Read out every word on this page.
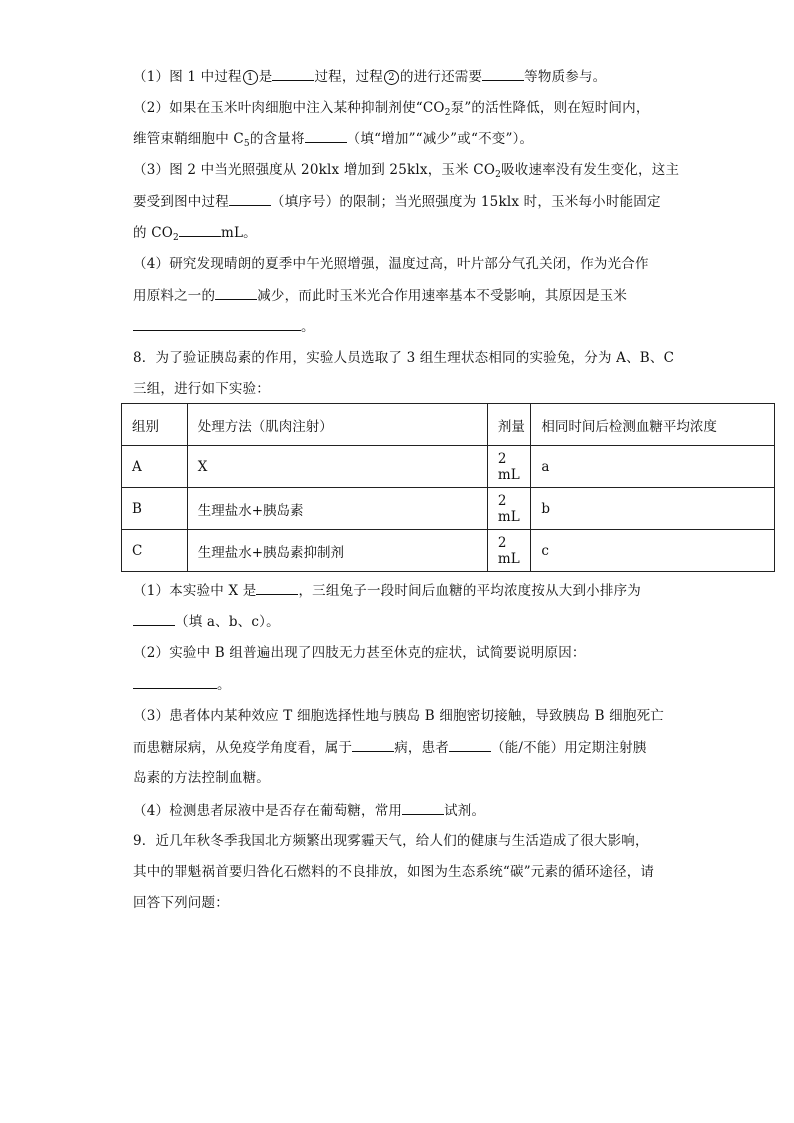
（1）图 1 中过程 1 是	过程，过程 2 的进行还需要	等物质参与。
（2）如果在玉米叶肉细胞中注入某种抑制剂使“$CO_2$泵”的活性降低，则在短时间内，
维管束鞘细胞中 $C_5$的含量将	（填“增加”“减少”或“不变”）。
（3）图 2 中当光照强度从 20klx 增加到 25klx，玉米 $CO_2$吸收速率没有发生变化，这主
要受到图中过程	（填序号）的限制；当光照强度为 15klx 时，玉米每小时能固定
的 $CO_2$	mL。
（4）研究发现晴朗的夏季中午光照增强，温度过高，叶片部分气孔关闭，作为光合作
用原料之一的	减少，而此时玉米光合作用速率基本不受影响，其原因是玉米
。
8．为了验证胰岛素的作用，实验人员选取了 3 组生理状态相同的实验兔，分为 A、B、C
三组，进行如下实验：
组别	处理方法（肌肉注射）	剂量	相同时间后检测血糖平均浓度
A	X	2 mL	a
B	生理盐水+胰岛素	2 mL	b
C	生理盐水+胰岛素抑制剂	2 mL	c
（1）本实验中 X 是	，三组兔子一段时间后血糖的平均浓度按从大到小排序为
（填 a、b、c）。
（2）实验中 B 组普遍出现了四肢无力甚至休克的症状，试简要说明原因：
。
（3）患者体内某种效应 T 细胞选择性地与胰岛 B 细胞密切接触，导致胰岛 B 细胞死亡
而患糖尿病，从免疫学角度看，属于	病，患者	（能/不能）用定期注射胰
岛素的方法控制血糖。
（4）检测患者尿液中是否存在葡萄糖，常用	试剂。
9．近几年秋冬季我国北方频繁出现雾霾天气，给人们的健康与生活造成了很大影响，
其中的罪魁祸首要归咎化石燃料的不良排放，如图为生态系统“碳”元素的循环途径，请
回答下列问题：
